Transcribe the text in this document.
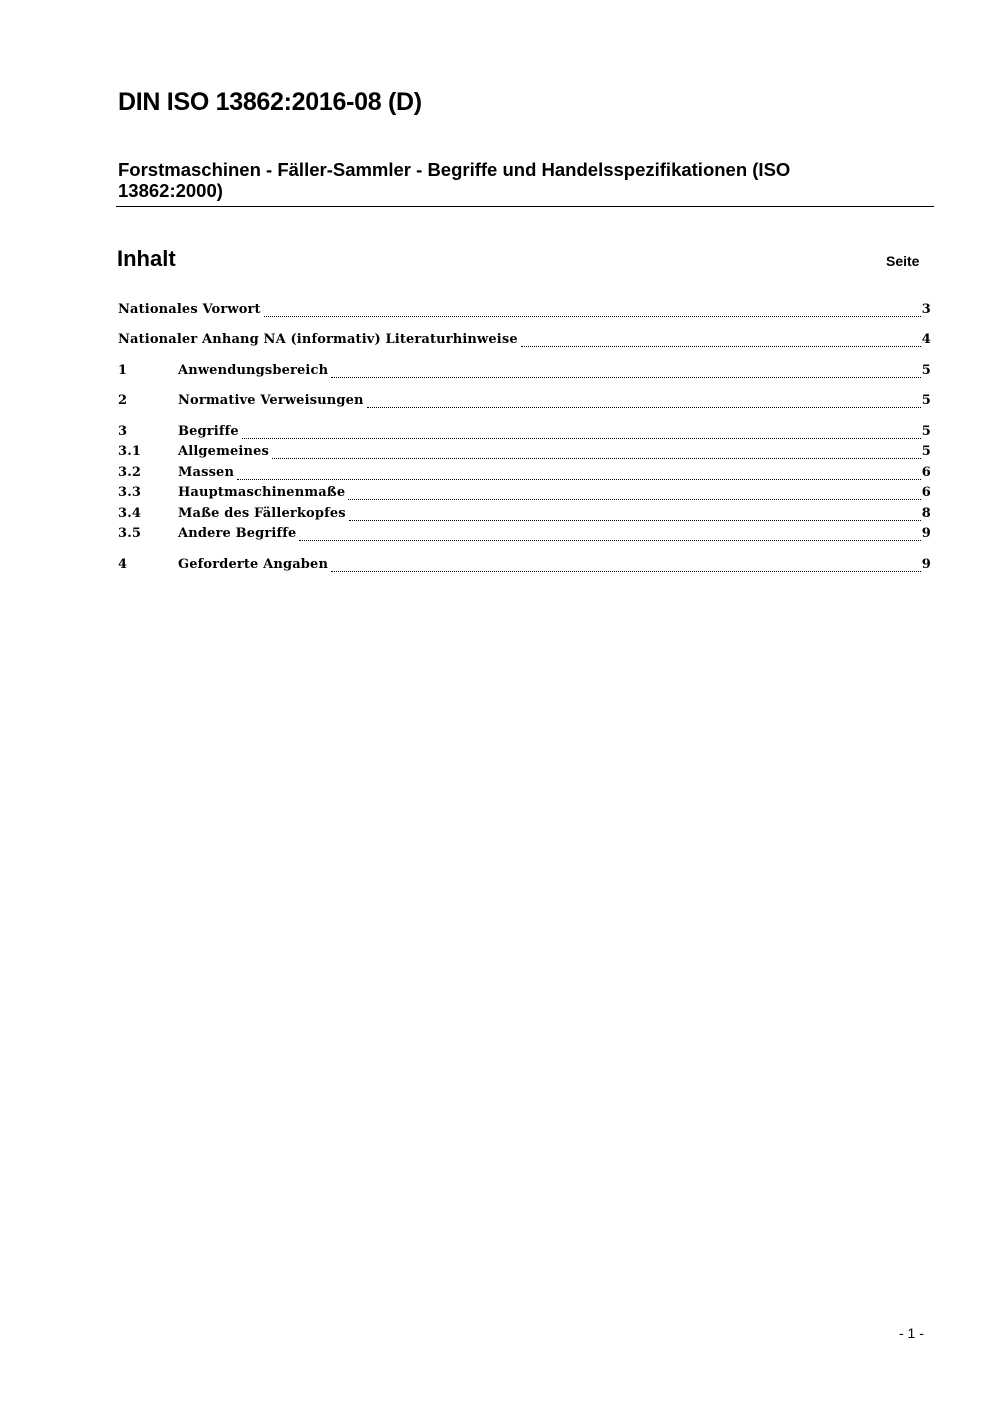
DIN ISO 13862:2016-08 (D)
Forstmaschinen - Fäller-Sammler - Begriffe und Handelsspezifikationen (ISO 13862:2000)
Inhalt	Seite
Nationales Vorwort	3
Nationaler Anhang NA (informativ) Literaturhinweise	4
1	Anwendungsbereich	5
2	Normative Verweisungen	5
3	Begriffe	5
3.1	Allgemeines	5
3.2	Massen	6
3.3	Hauptmaschinenmaße	6
3.4	Maße des Fällerkopfes	8
3.5	Andere Begriffe	9
4	Geforderte Angaben	9
- 1 -
